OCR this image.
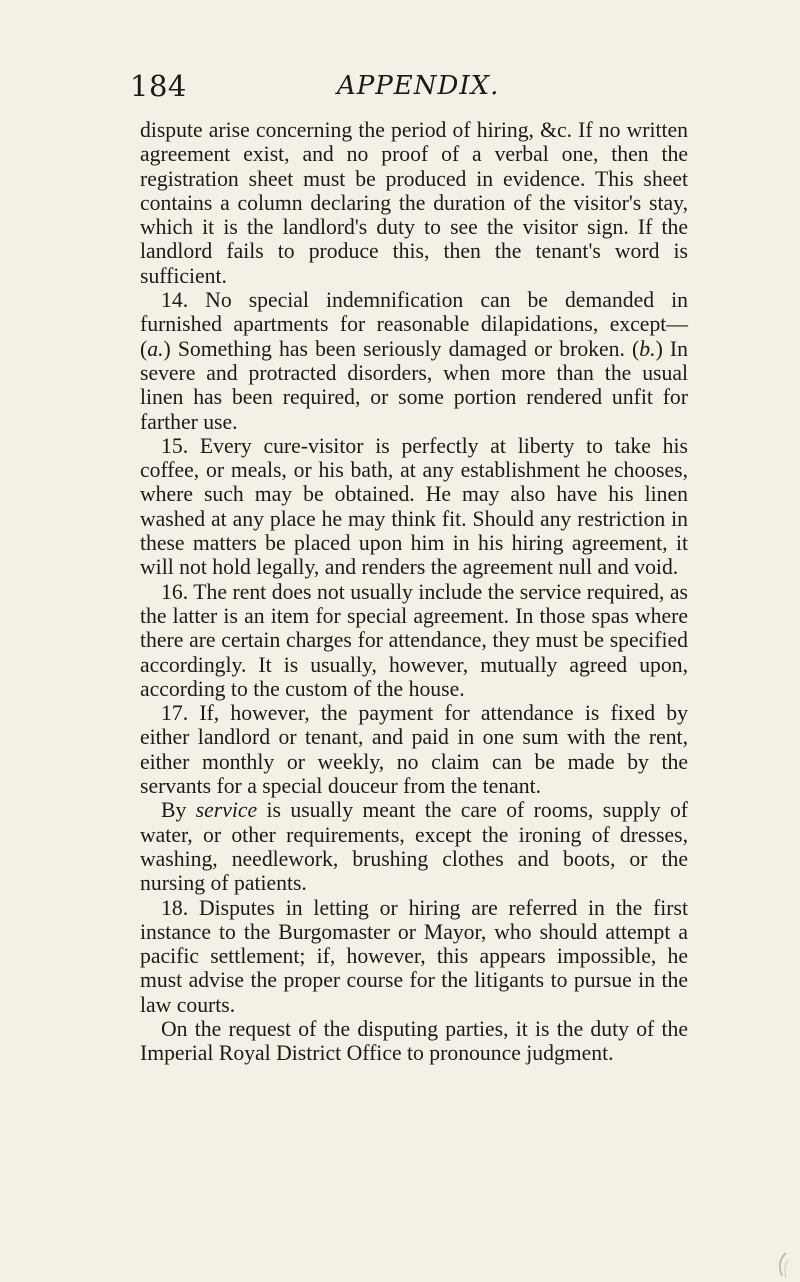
184	APPENDIX.

dispute arise concerning the period of hiring, &c. If no written agreement exist, and no proof of a verbal one, then the registration sheet must be produced in evidence. This sheet contains a column declaring the duration of the visitor's stay, which it is the landlord's duty to see the visitor sign. If the landlord fails to produce this, then the tenant's word is sufficient.

14. No special indemnification can be demanded in furnished apartments for reasonable dilapidations, except—(a.) Something has been seriously damaged or broken. (b.) In severe and protracted disorders, when more than the usual linen has been required, or some portion rendered unfit for farther use.

15. Every cure-visitor is perfectly at liberty to take his coffee, or meals, or his bath, at any establishment he chooses, where such may be obtained. He may also have his linen washed at any place he may think fit. Should any restriction in these matters be placed upon him in his hiring agreement, it will not hold legally, and renders the agreement null and void.

16. The rent does not usually include the service required, as the latter is an item for special agreement. In those spas where there are certain charges for attendance, they must be specified accordingly. It is usually, however, mutually agreed upon, according to the custom of the house.

17. If, however, the payment for attendance is fixed by either landlord or tenant, and paid in one sum with the rent, either monthly or weekly, no claim can be made by the servants for a special douceur from the tenant.

By service is usually meant the care of rooms, supply of water, or other requirements, except the ironing of dresses, washing, needlework, brushing clothes and boots, or the nursing of patients.

18. Disputes in letting or hiring are referred in the first instance to the Burgomaster or Mayor, who should attempt a pacific settlement; if, however, this appears impossible, he must advise the proper course for the litigants to pursue in the law courts.

On the request of the disputing parties, it is the duty of the Imperial Royal District Office to pronounce judgment.
